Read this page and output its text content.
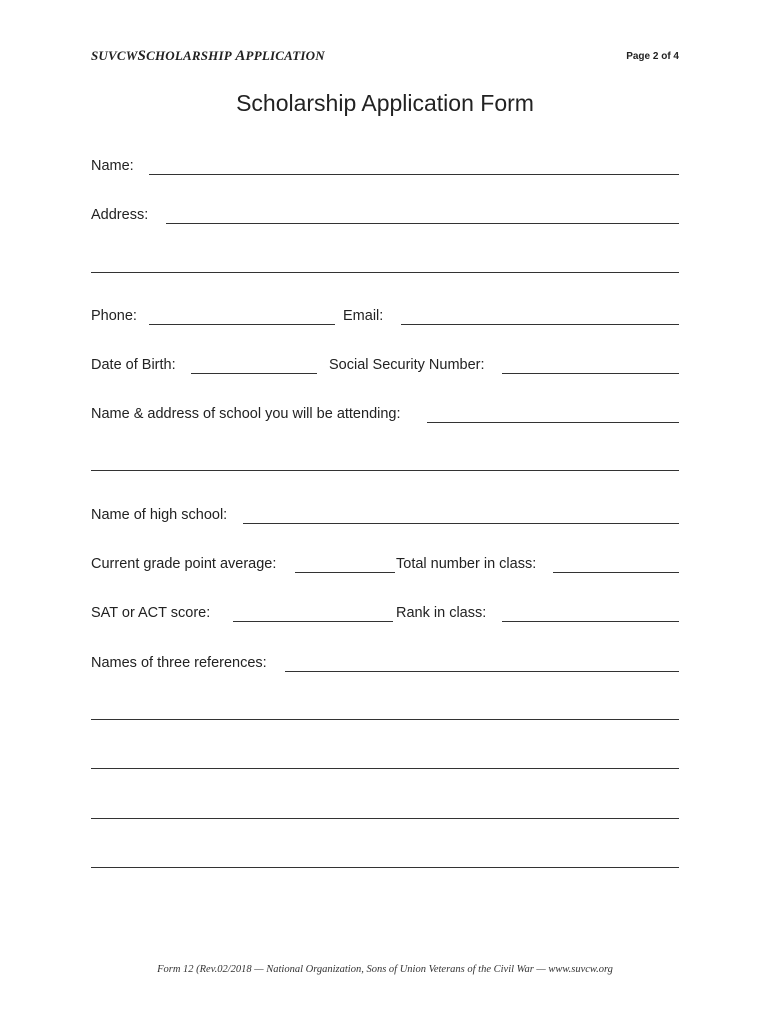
SUVCWSCHOLARSHIP APPLICATION	Page 2 of 4
Scholarship Application Form
Name:
Address:
Phone:	Email:
Date of Birth:	Social Security Number:
Name & address of school you will be attending:
Name of high school:
Current grade point average:	Total number in class:
SAT or ACT score:	Rank in class:
Names of three references:
Form 12 (Rev.02/2018 — National Organization, Sons of Union Veterans of the Civil War — www.suvcw.org
